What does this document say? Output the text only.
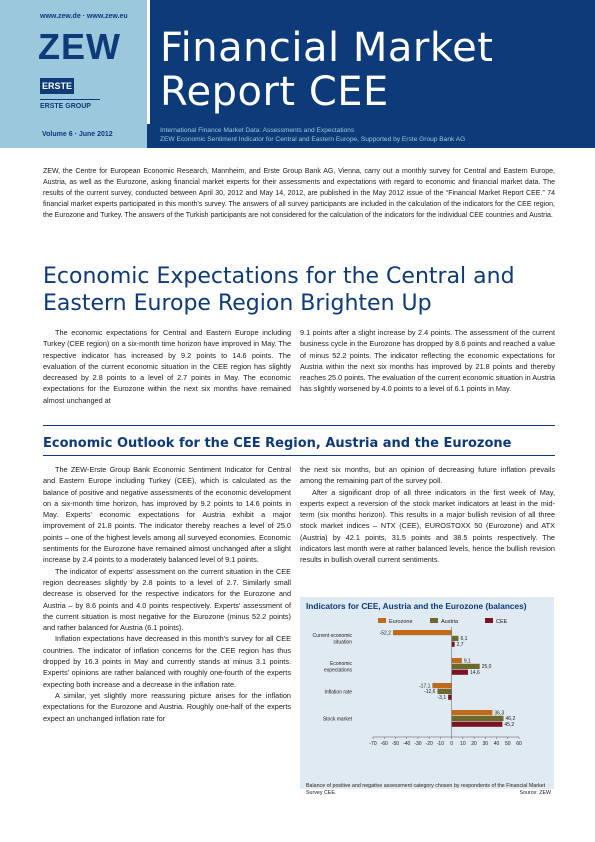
www.zew.de · www.zew.eu
ZEW
ERSTE
ERSTE GROUP
Financial Market
Report CEE
Volume 6 · June 2012
International Finance Market Data: Assessments and Expectations
ZEW Economic Sentiment Indicator for Central and Eastern Europe, Supported by Erste Group Bank AG
ZEW, the Centre for European Economic Research, Mannheim, and Erste Group Bank AG, Vienna, carry out a monthly survey for Central and Eastern Europe, Austria, as well as the Eurozone, asking financial market experts for their assessments and expectations with regard to economic and financial market data. The results of the current survey, conducted between April 30, 2012 and May 14, 2012, are published in the May 2012 issue of the “Financial Market Report CEE.” 74 financial market experts participated in this month's survey. The answers of all survey participants are included in the calculation of the indicators for the CEE region, the Eurozone and Turkey. The answers of the Turkish participants are not considered for the calculation of the indicators for the individual CEE countries and Austria.
Economic Expectations for the Central and Eastern Europe Region Brighten Up

The economic expectations for Central and Eastern Europe including Turkey (CEE region) on a six-month time horizon have improved in May. The respective indicator has increased by 9.2 points to 14.6 points. The evaluation of the current economic situation in the CEE region has slightly decreased by 2.8 points to a level of 2.7 points in May. The economic expectations for the Eurozone within the next six months have remained almost unchanged at

9.1 points after a slight increase by 2.4 points. The assessment of the current business cycle in the Eurozone has dropped by 8.6 points and reached a value of minus 52.2 points. The indicator reflecting the economic expectations for Austria within the next six months has improved by 21.8 points and thereby reaches 25.0 points. The evaluation of the current economic situation in Austria has slightly worsened by 4.0 points to a level of 6.1 points in May.

Economic Outlook for the CEE Region, Austria and the Eurozone

The ZEW-Erste Group Bank Economic Sentiment Indicator for Central and Eastern Europe including Turkey (CEE), which is calculated as the balance of positive and negative assessments of the economic development on a six-month time horizon, has improved by 9.2 points to 14.6 points in May. Experts' economic expectations for Austria exhibit a major improvement of 21.8 points. The indicator thereby reaches a level of 25.0 points – one of the highest levels among all surveyed economies. Economic sentiments for the Eurozone have remained almost unchanged after a slight increase by 2.4 points to a moderately balanced level of 9.1 points.

The indicator of experts' assessment on the current situation in the CEE region decreases slightly by 2.8 points to a level of 2.7. Similarly small decrease is observed for the respective indicators for the Eurozone and Austria – by 8.6 points and 4.0 points respectively. Experts' assessment of the current situation is most negative for the Eurozone (minus 52.2 points) and rather balanced for Austria (6.1 points).

Inflation expectations have decreased in this month's survey for all CEE countries. The indicator of inflation concerns for the CEE region has thus dropped by 16.3 points in May and currently stands at minus 3.1 points. Experts' opinions are rather balanced with roughly one-fourth of the experts expecting both increase and a decrease in the inflation rate.

A similar, yet slightly more reassuring picture arises for the inflation expectations for the Eurozone and Austria. Roughly one-half of the experts expect an unchanged inflation rate for

the next six months, but an opinion of decreasing future inflation prevails among the remaining part of the survey poll.

After a significant drop of all three indicators in the first week of May, experts expect a reversion of the stock market indicators at least in the mid-term (six months horizon). This results in a major bullish revision of all three stock market indices – NTX (CEE), EUROSTOXX 50 (Eurozone) and ATX (Austria) by 42.1 points, 31.5 points and 38.5 points respectively. The indicators last month were at rather balanced levels, hence the bullish revision results in bullish overall current sentiments.

Indicators for CEE, Austria and the Eurozone (balances)
Eurozone	Austria	CEE
Current economic
situation
-52,2
6,1
2,7
Economic
expectations
9,1
25,0
14,6
Inflation rate
-17,1
-12,6
-3,1
Stock market
36,3
46,2
45,2
-70 -60 -50 -40 -30 -20 -10 0 10 20 30 40 50 60
Balance of positive and negative assessment category chosen by respondents of the Financial Market Survey CEE.	Source: ZEW
